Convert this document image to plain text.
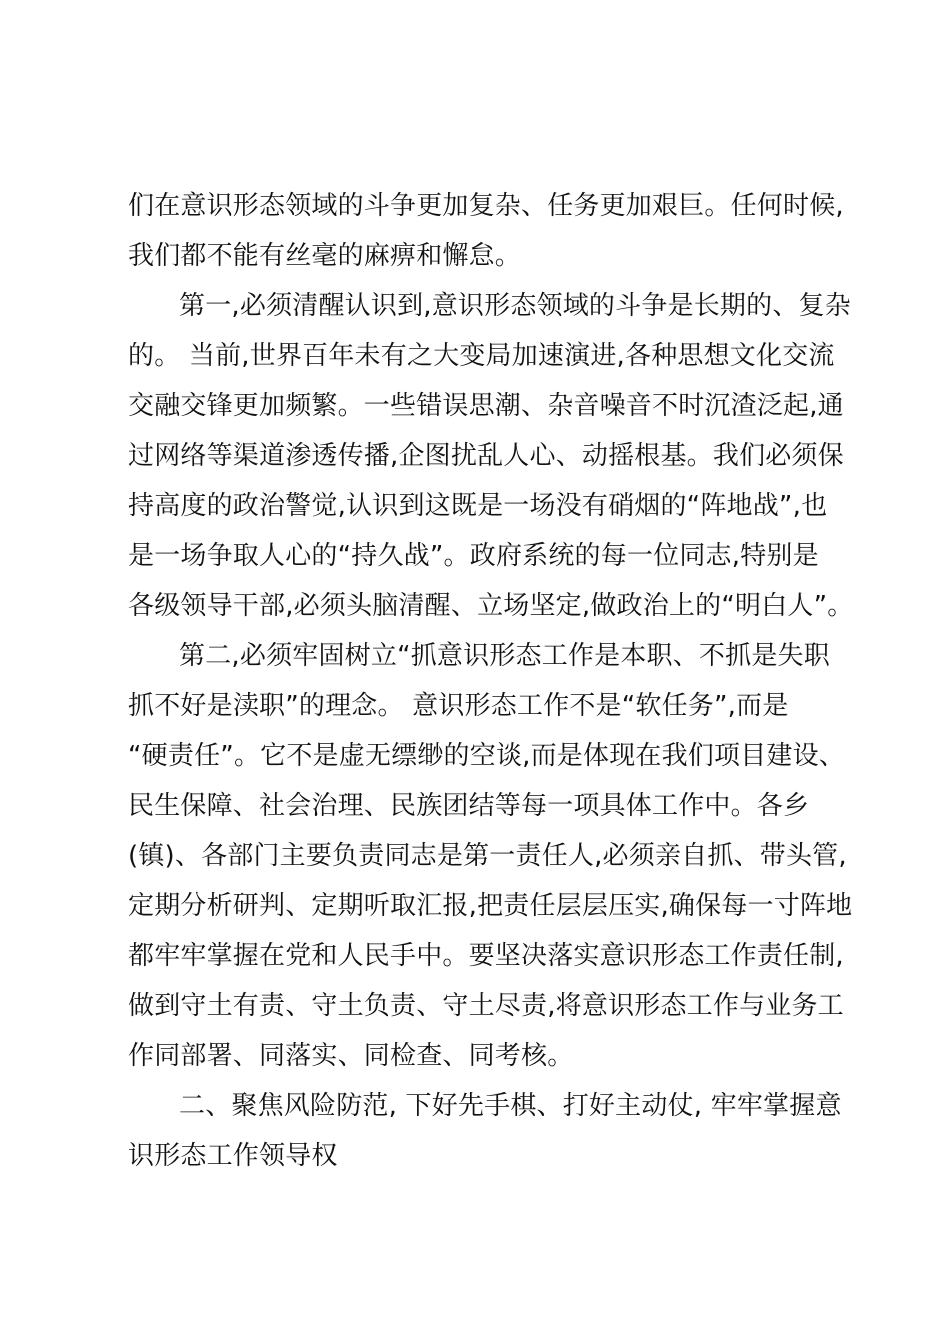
们在意识形态领域的斗争更加复杂、任务更加艰巨。任何时候,
我们都不能有丝毫的麻痹和懈怠。
第一,必须清醒认识到,意识形态领域的斗争是长期的、复杂
的。 当前,世界百年未有之大变局加速演进,各种思想文化交流
交融交锋更加频繁。一些错误思潮、杂音噪音不时沉渣泛起,通
过网络等渠道渗透传播,企图扰乱人心、动摇根基。我们必须保
持高度的政治警觉,认识到这既是一场没有硝烟的“阵地战”,也
是一场争取人心的“持久战”。政府系统的每一位同志,特别是
各级领导干部,必须头脑清醒、立场坚定,做政治上的“明白人”。
第二,必须牢固树立“抓意识形态工作是本职、不抓是失职
抓不好是渎职”的理念。 意识形态工作不是“软任务”,而是
“硬责任”。它不是虚无缥缈的空谈,而是体现在我们项目建设、
民生保障、社会治理、民族团结等每一项具体工作中。各乡
(镇)、各部门主要负责同志是第一责任人,必须亲自抓、带头管,
定期分析研判、定期听取汇报,把责任层层压实,确保每一寸阵地
都牢牢掌握在党和人民手中。要坚决落实意识形态工作责任制,
做到守土有责、守土负责、守土尽责,将意识形态工作与业务工
作同部署、同落实、同检查、同考核。
二、聚焦风险防范, 下好先手棋、打好主动仗, 牢牢掌握意
识形态工作领导权
